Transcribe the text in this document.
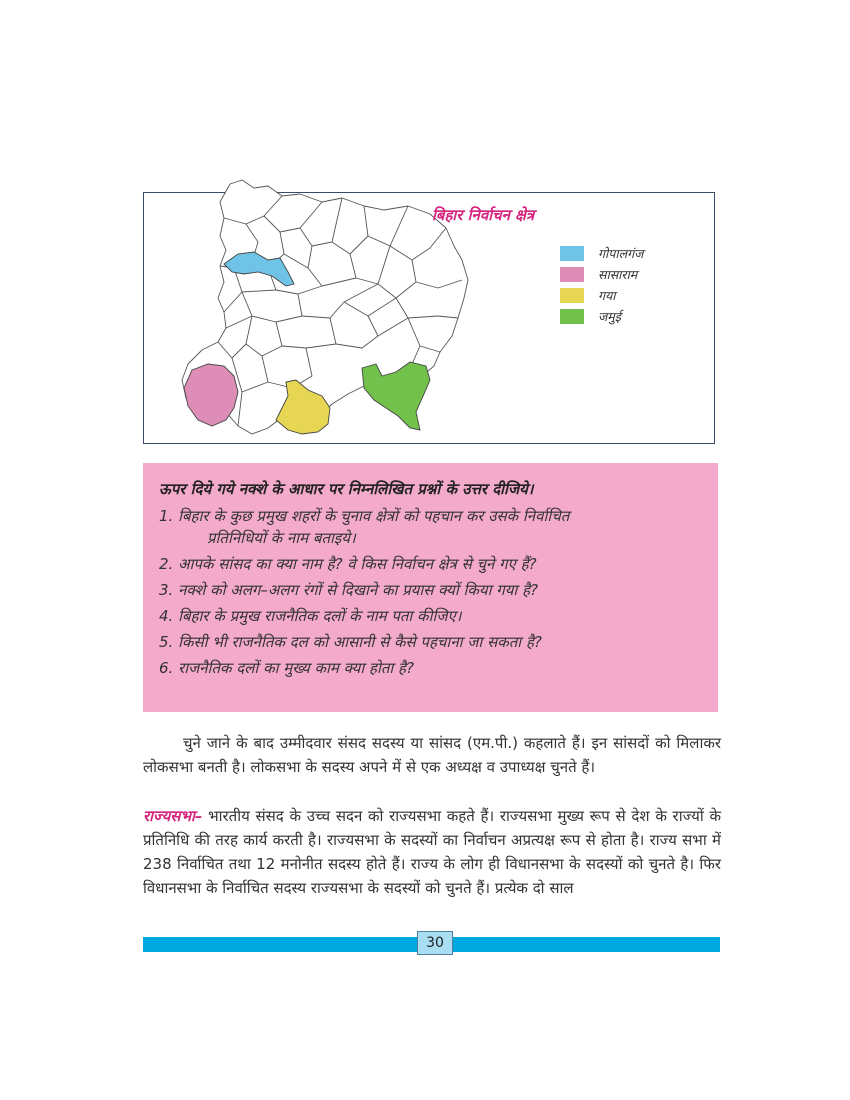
बिहार निर्वाचन क्षेत्र
गोपालगंज
सासाराम
गया
जमुई
ऊपर दिये गये नक्शे के आधार पर निम्नलिखित प्रश्नों के उत्तर दीजिये।
1. बिहार के कुछ प्रमुख शहरों के चुनाव क्षेत्रों को पहचान कर उसके निर्वाचित
प्रतिनिधियों के नाम बताइये।
2. आपके सांसद का क्या नाम है? वे किस निर्वाचन क्षेत्र से चुने गए हैं?
3. नक्शे को अलग–अलग रंगों से दिखाने का प्रयास क्यों किया गया है?
4. बिहार के प्रमुख राजनैतिक दलों के नाम पता कीजिए।
5. किसी भी राजनैतिक दल को आसानी से कैसे पहचाना जा सकता है?
6. राजनैतिक दलों का मुख्य काम क्या होता है?
चुने जाने के बाद उम्मीदवार संसद सदस्य या सांसद (एम.पी.) कहलाते हैं। इन सांसदों को मिलाकर लोकसभा बनती है। लोकसभा के सदस्य अपने में से एक अध्यक्ष व उपाध्यक्ष चुनते हैं।
राज्यसभा– भारतीय संसद के उच्च सदन को राज्यसभा कहते हैं। राज्यसभा मुख्य रूप से देश के राज्यों के प्रतिनिधि की तरह कार्य करती है। राज्यसभा के सदस्यों का निर्वाचन अप्रत्यक्ष रूप से होता है। राज्य सभा में 238 निर्वाचित तथा 12 मनोनीत सदस्य होते हैं। राज्य के लोग ही विधानसभा के सदस्यों को चुनते है। फिर विधानसभा के निर्वाचित सदस्य राज्यसभा के सदस्यों को चुनते हैं। प्रत्येक दो साल
30
